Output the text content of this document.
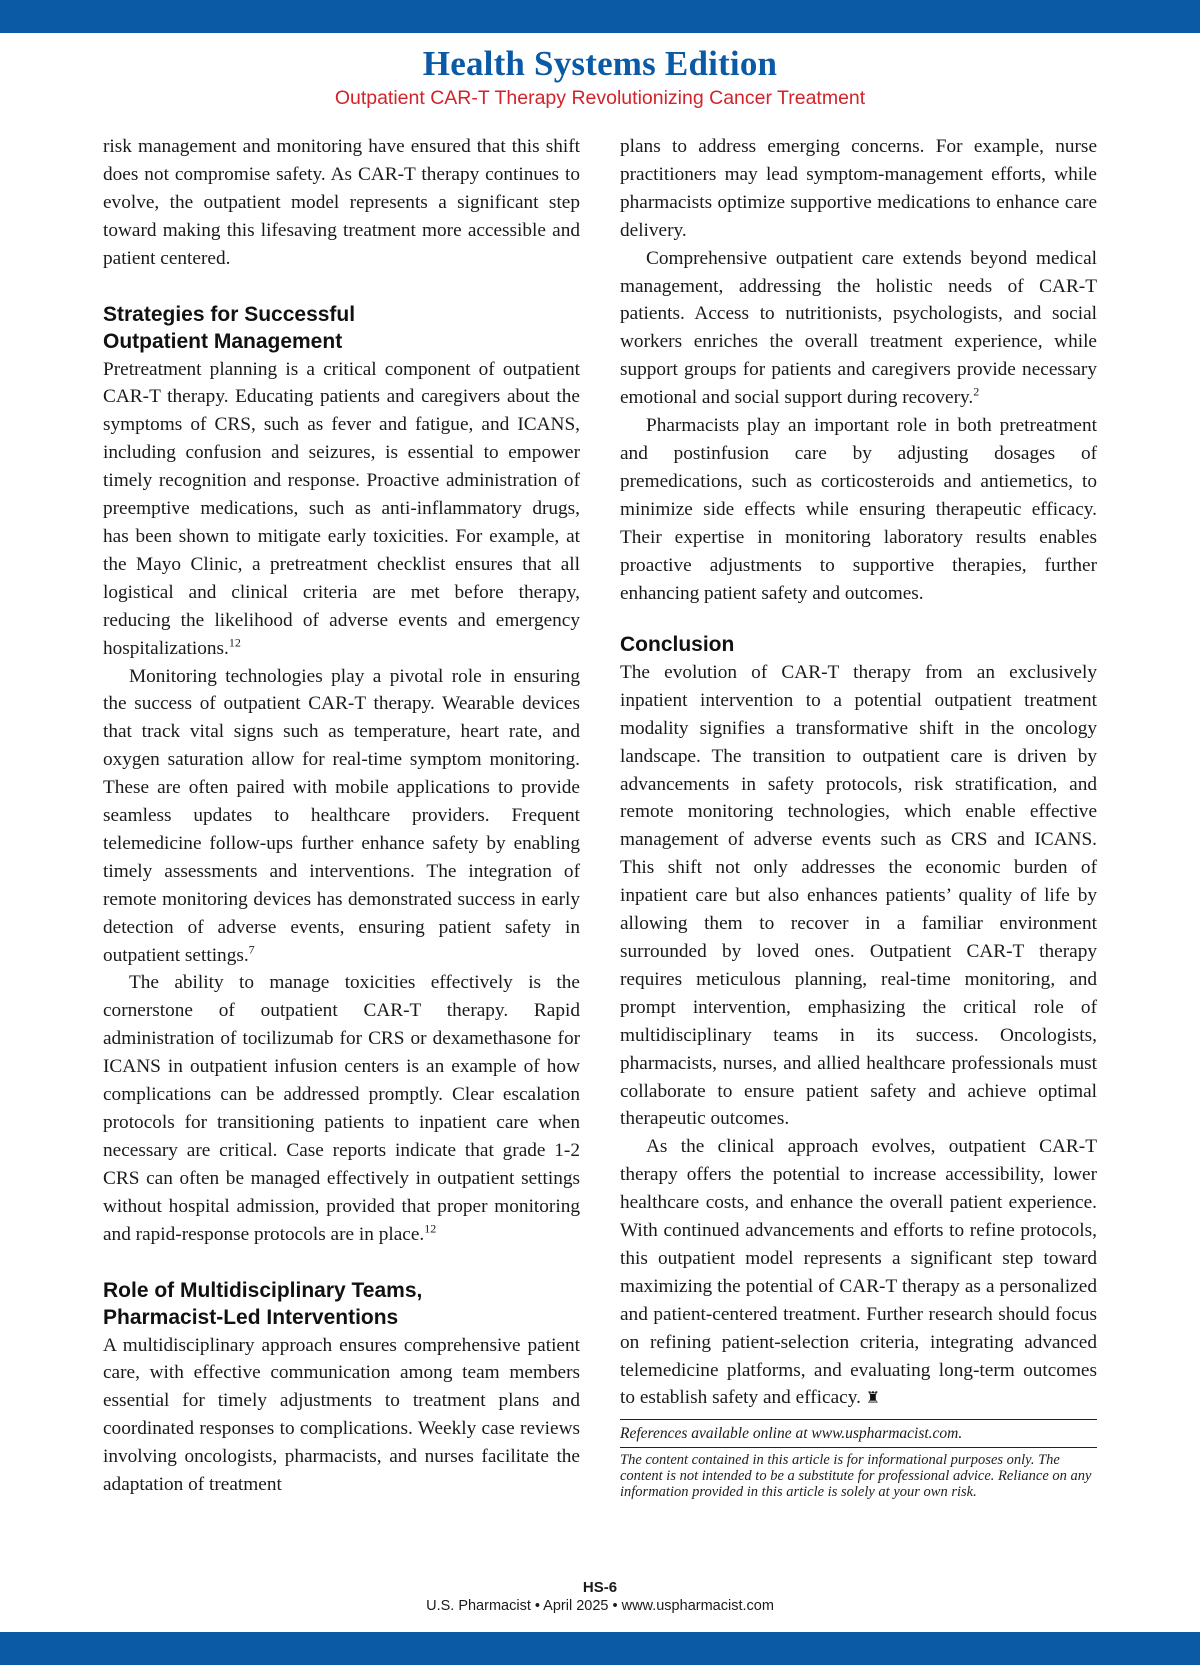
Health Systems Edition
Outpatient CAR-T Therapy Revolutionizing Cancer Treatment

risk management and monitoring have ensured that this shift does not compromise safety. As CAR-T therapy continues to evolve, the outpatient model represents a significant step toward making this lifesaving treatment more accessible and patient centered.

Strategies for Successful
Outpatient Management

Pretreatment planning is a critical component of outpatient CAR-T therapy. Educating patients and caregivers about the symptoms of CRS, such as fever and fatigue, and ICANS, including confusion and seizures, is essential to empower timely recognition and response. Proactive administration of preemptive medications, such as anti-inflammatory drugs, has been shown to mitigate early toxicities. For example, at the Mayo Clinic, a pretreatment checklist ensures that all logistical and clinical criteria are met before therapy, reducing the likelihood of adverse events and emergency hospitalizations.$^{12}$

Monitoring technologies play a pivotal role in ensuring the success of outpatient CAR-T therapy. Wearable devices that track vital signs such as temperature, heart rate, and oxygen saturation allow for real-time symptom monitoring. These are often paired with mobile applications to provide seamless updates to healthcare providers. Frequent telemedicine follow-ups further enhance safety by enabling timely assessments and interventions. The integration of remote monitoring devices has demonstrated success in early detection of adverse events, ensuring patient safety in outpatient settings.$^7$

The ability to manage toxicities effectively is the cornerstone of outpatient CAR-T therapy. Rapid administration of tocilizumab for CRS or dexamethasone for ICANS in outpatient infusion centers is an example of how complications can be addressed promptly. Clear escalation protocols for transitioning patients to inpatient care when necessary are critical. Case reports indicate that grade 1-2 CRS can often be managed effectively in outpatient settings without hospital admission, provided that proper monitoring and rapid-response protocols are in place.$^{12}$

Role of Multidisciplinary Teams,
Pharmacist-Led Interventions

A multidisciplinary approach ensures comprehensive patient care, with effective communication among team members essential for timely adjustments to treatment plans and coordinated responses to complications. Weekly case reviews involving oncologists, pharmacists, and nurses facilitate the adaptation of treatment

plans to address emerging concerns. For example, nurse practitioners may lead symptom-management efforts, while pharmacists optimize supportive medications to enhance care delivery.

Comprehensive outpatient care extends beyond medical management, addressing the holistic needs of CAR-T patients. Access to nutritionists, psychologists, and social workers enriches the overall treatment experience, while support groups for patients and caregivers provide necessary emotional and social support during recovery.$^2$

Pharmacists play an important role in both pretreatment and postinfusion care by adjusting dosages of premedications, such as corticosteroids and antiemetics, to minimize side effects while ensuring therapeutic efficacy. Their expertise in monitoring laboratory results enables proactive adjustments to supportive therapies, further enhancing patient safety and outcomes.

Conclusion

The evolution of CAR-T therapy from an exclusively inpatient intervention to a potential outpatient treatment modality signifies a transformative shift in the oncology landscape. The transition to outpatient care is driven by advancements in safety protocols, risk stratification, and remote monitoring technologies, which enable effective management of adverse events such as CRS and ICANS. This shift not only addresses the economic burden of inpatient care but also enhances patients’ quality of life by allowing them to recover in a familiar environment surrounded by loved ones. Outpatient CAR-T therapy requires meticulous planning, real-time monitoring, and prompt intervention, emphasizing the critical role of multidisciplinary teams in its success. Oncologists, pharmacists, nurses, and allied healthcare professionals must collaborate to ensure patient safety and achieve optimal therapeutic outcomes.

As the clinical approach evolves, outpatient CAR-T therapy offers the potential to increase accessibility, lower healthcare costs, and enhance the overall patient experience. With continued advancements and efforts to refine protocols, this outpatient model represents a significant step toward maximizing the potential of CAR-T therapy as a personalized and patient-centered treatment. Further research should focus on refining patient-selection criteria, integrating advanced telemedicine platforms, and evaluating long-term outcomes to establish safety and efficacy. ♜

References available online at www.uspharmacist.com.
The content contained in this article is for informational purposes only. The content is not intended to be a substitute for professional advice. Reliance on any information provided in this article is solely at your own risk.
HS-6
U.S. Pharmacist • April 2025 • www.uspharmacist.com
